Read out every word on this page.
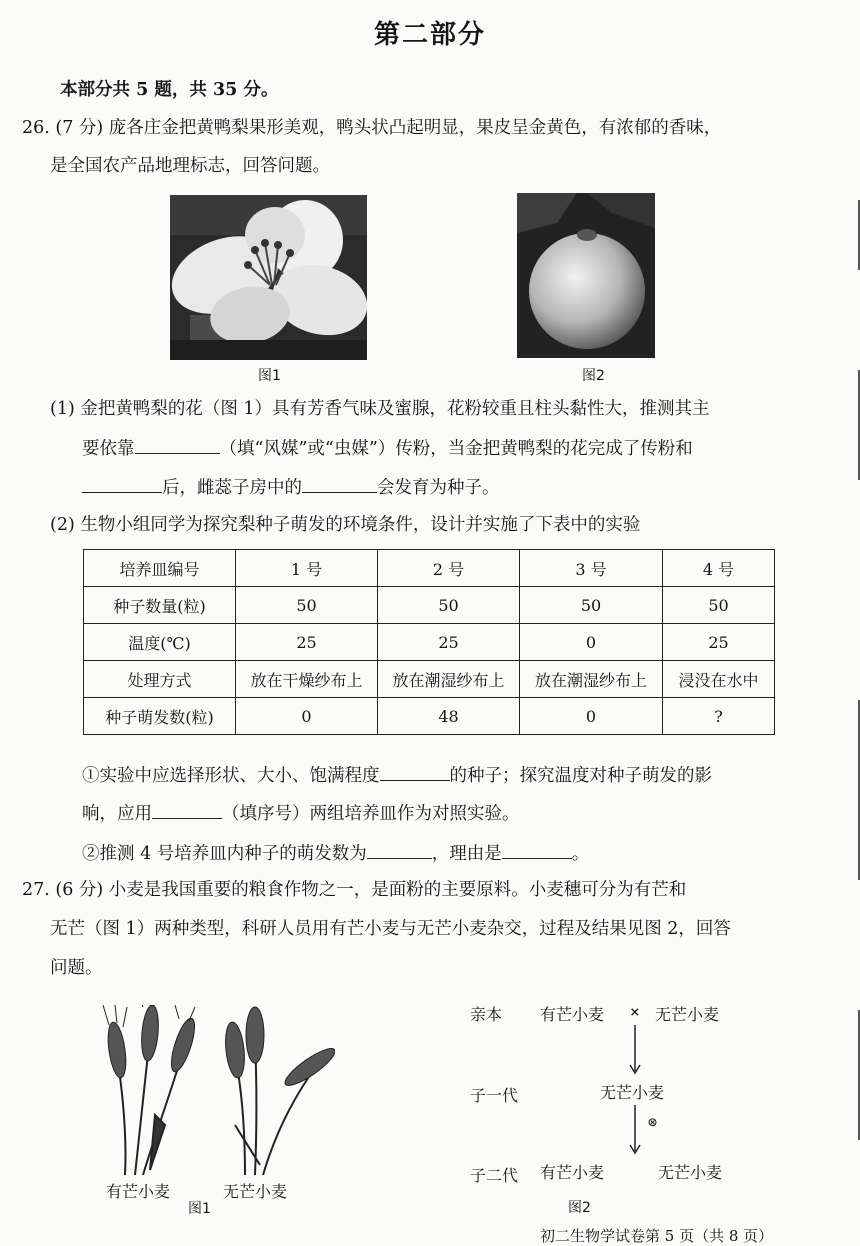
第二部分
本部分共 5 题，共 35 分。
26. (7 分) 庞各庄金把黄鸭梨果形美观，鸭头状凸起明显，果皮呈金黄色，有浓郁的香味，
是全国农产品地理标志，回答问题。
图1	图2
(1) 金把黄鸭梨的花（图 1）具有芳香气味及蜜腺，花粉较重且柱头黏性大，推测其主
要依靠	（填“风媒”或“虫媒”）传粉，当金把黄鸭梨的花完成了传粉和
后，雌蕊子房中的	会发育为种子。
(2) 生物小组同学为探究梨种子萌发的环境条件，设计并实施了下表中的实验
培养皿编号	1 号	2 号	3 号	4 号
种子数量(粒)	50	50	50	50
温度(℃)	25	25	0	25
处理方式	放在干燥纱布上	放在潮湿纱布上	放在潮湿纱布上	浸没在水中
种子萌发数(粒)	0	48	0	?
①实验中应选择形状、大小、饱满程度	的种子；探究温度对种子萌发的影
响，应用	（填序号）两组培养皿作为对照实验。
②推测 4 号培养皿内种子的萌发数为	，理由是	。
27. (6 分) 小麦是我国重要的粮食作物之一，是面粉的主要原料。小麦穗可分为有芒和
无芒（图 1）两种类型，科研人员用有芒小麦与无芒小麦杂交，过程及结果见图 2，回答
问题。
有芒小麦	无芒小麦
图1
亲本 有芒小麦 × 无芒小麦
子一代	无芒小麦
⊗
子二代 有芒小麦	无芒小麦
图2
初二生物学试卷第 5 页（共 8 页）
